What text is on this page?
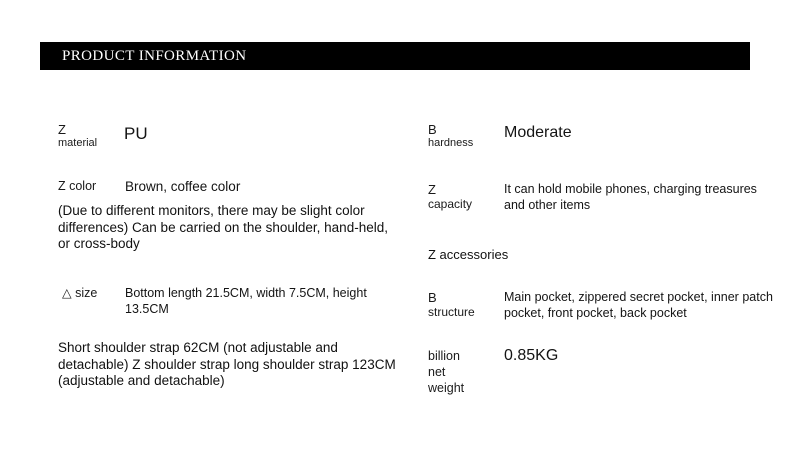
PRODUCT INFORMATION
Z
material	PU
Z color Brown, coffee color
(Due to different monitors, there may be slight color differences) Can be carried on the shoulder, hand-held, or cross-body
△ size Bottom length 21.5CM, width 7.5CM, height 13.5CM
Short shoulder strap 62CM (not adjustable and detachable) Z shoulder strap long shoulder strap 123CM (adjustable and detachable)
B
hardness
Moderate
Z
capacity
It can hold mobile phones, charging treasures and other items
Z accessories
B
structure
Main pocket, zippered secret pocket, inner patch pocket, front pocket, back pocket
billion
net
weight
0.85KG
